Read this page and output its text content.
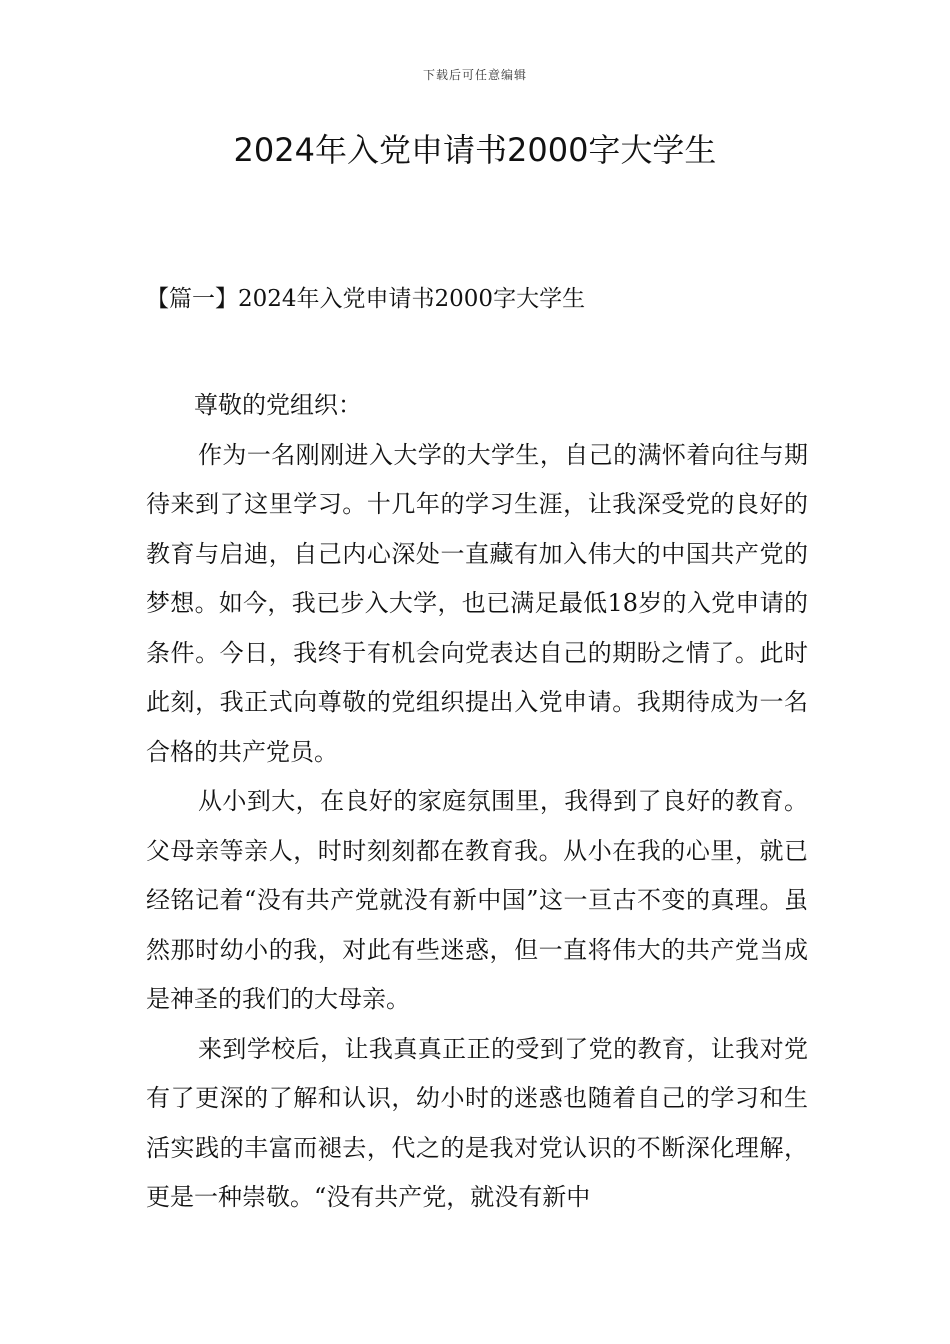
下载后可任意编辑
2024年入党申请书2000字大学生
【篇一】2024年入党申请书2000字大学生

尊敬的党组织：

作为一名刚刚进入大学的大学生，自己的满怀着向往与期待来到了这里学习。十几年的学习生涯，让我深受党的良好的教育与启迪，自己内心深处一直藏有加入伟大的中国共产党的梦想。如今，我已步入大学，也已满足最低18岁的入党申请的条件。今日，我终于有机会向党表达自己的期盼之情了。此时此刻，我正式向尊敬的党组织提出入党申请。我期待成为一名合格的共产党员。

从小到大，在良好的家庭氛围里，我得到了良好的教育。父母亲等亲人，时时刻刻都在教育我。从小在我的心里，就已经铭记着“没有共产党就没有新中国”这一亘古不变的真理。虽然那时幼小的我，对此有些迷惑，但一直将伟大的共产党当成是神圣的我们的大母亲。

来到学校后，让我真真正正的受到了党的教育，让我对党有了更深的了解和认识，幼小时的迷惑也随着自己的学习和生活实践的丰富而褪去，代之的是我对党认识的不断深化理解，更是一种崇敬。“没有共产党，就没有新中
